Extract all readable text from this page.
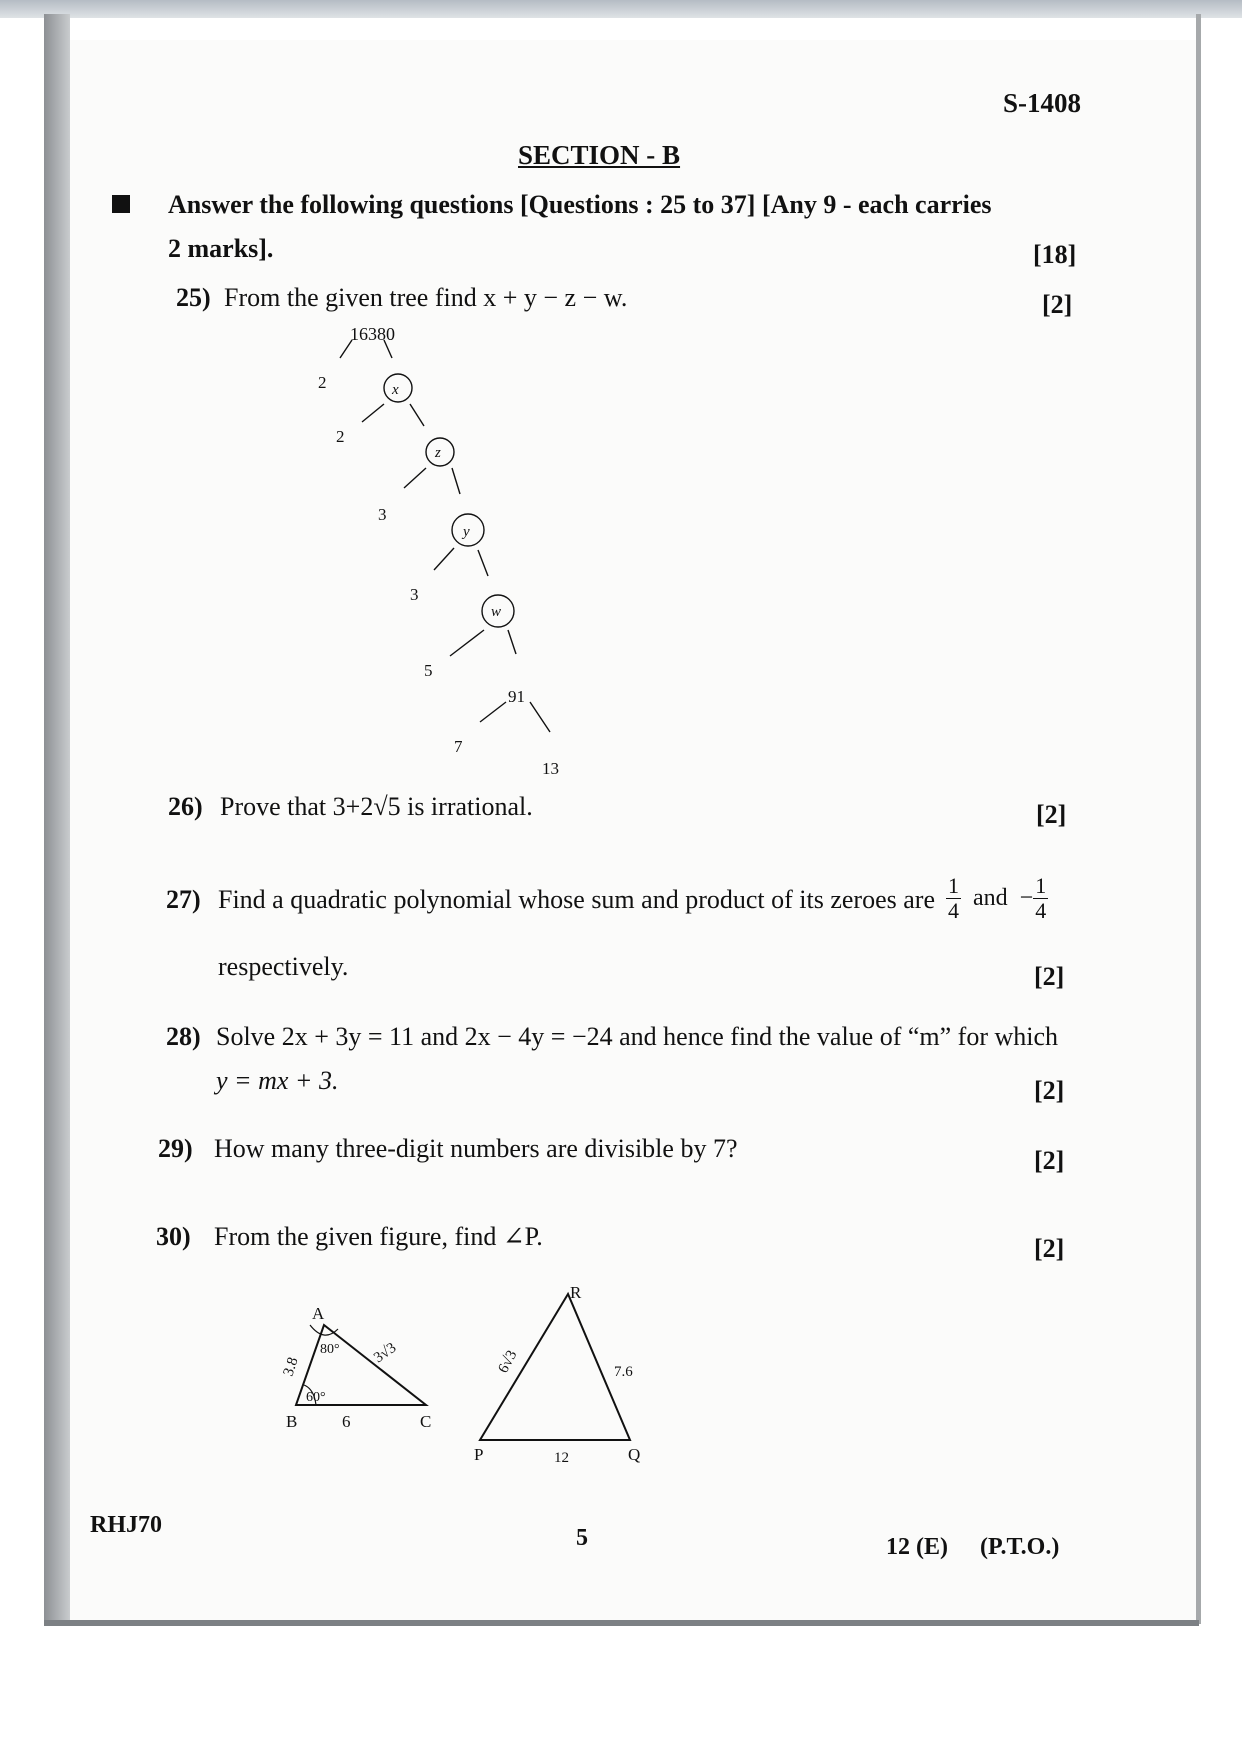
S-1408
SECTION - B
Answer the following questions [Questions : 25 to 37] [Any 9 - each carries
2 marks].	[18]
25) From the given tree find x + y − z − w.	[2]
16380
2	x
2
z
3
y
3
w
5
91
7
13
26) Prove that 3+2√5 is irrational.	[2]
27) Find a quadratic polynomial whose sum and product of its zeroes are $\frac{1}{4}$ and − $\frac{1}{4}$
respectively.	[2]
28) Solve 2x + 3y = 11 and 2x − 4y = −24 and hence find the value of “m” for which
y = mx + 3.	[2]
29) How many three-digit numbers are divisible by 7?	[2]
30) From the given figure, find ∠P.	[2]
A
B	C
3.8
3√3
6
80°
60°
R
P	Q
6√3	7.6
12
RHJ70	5	12 (E) (P.T.O.)
